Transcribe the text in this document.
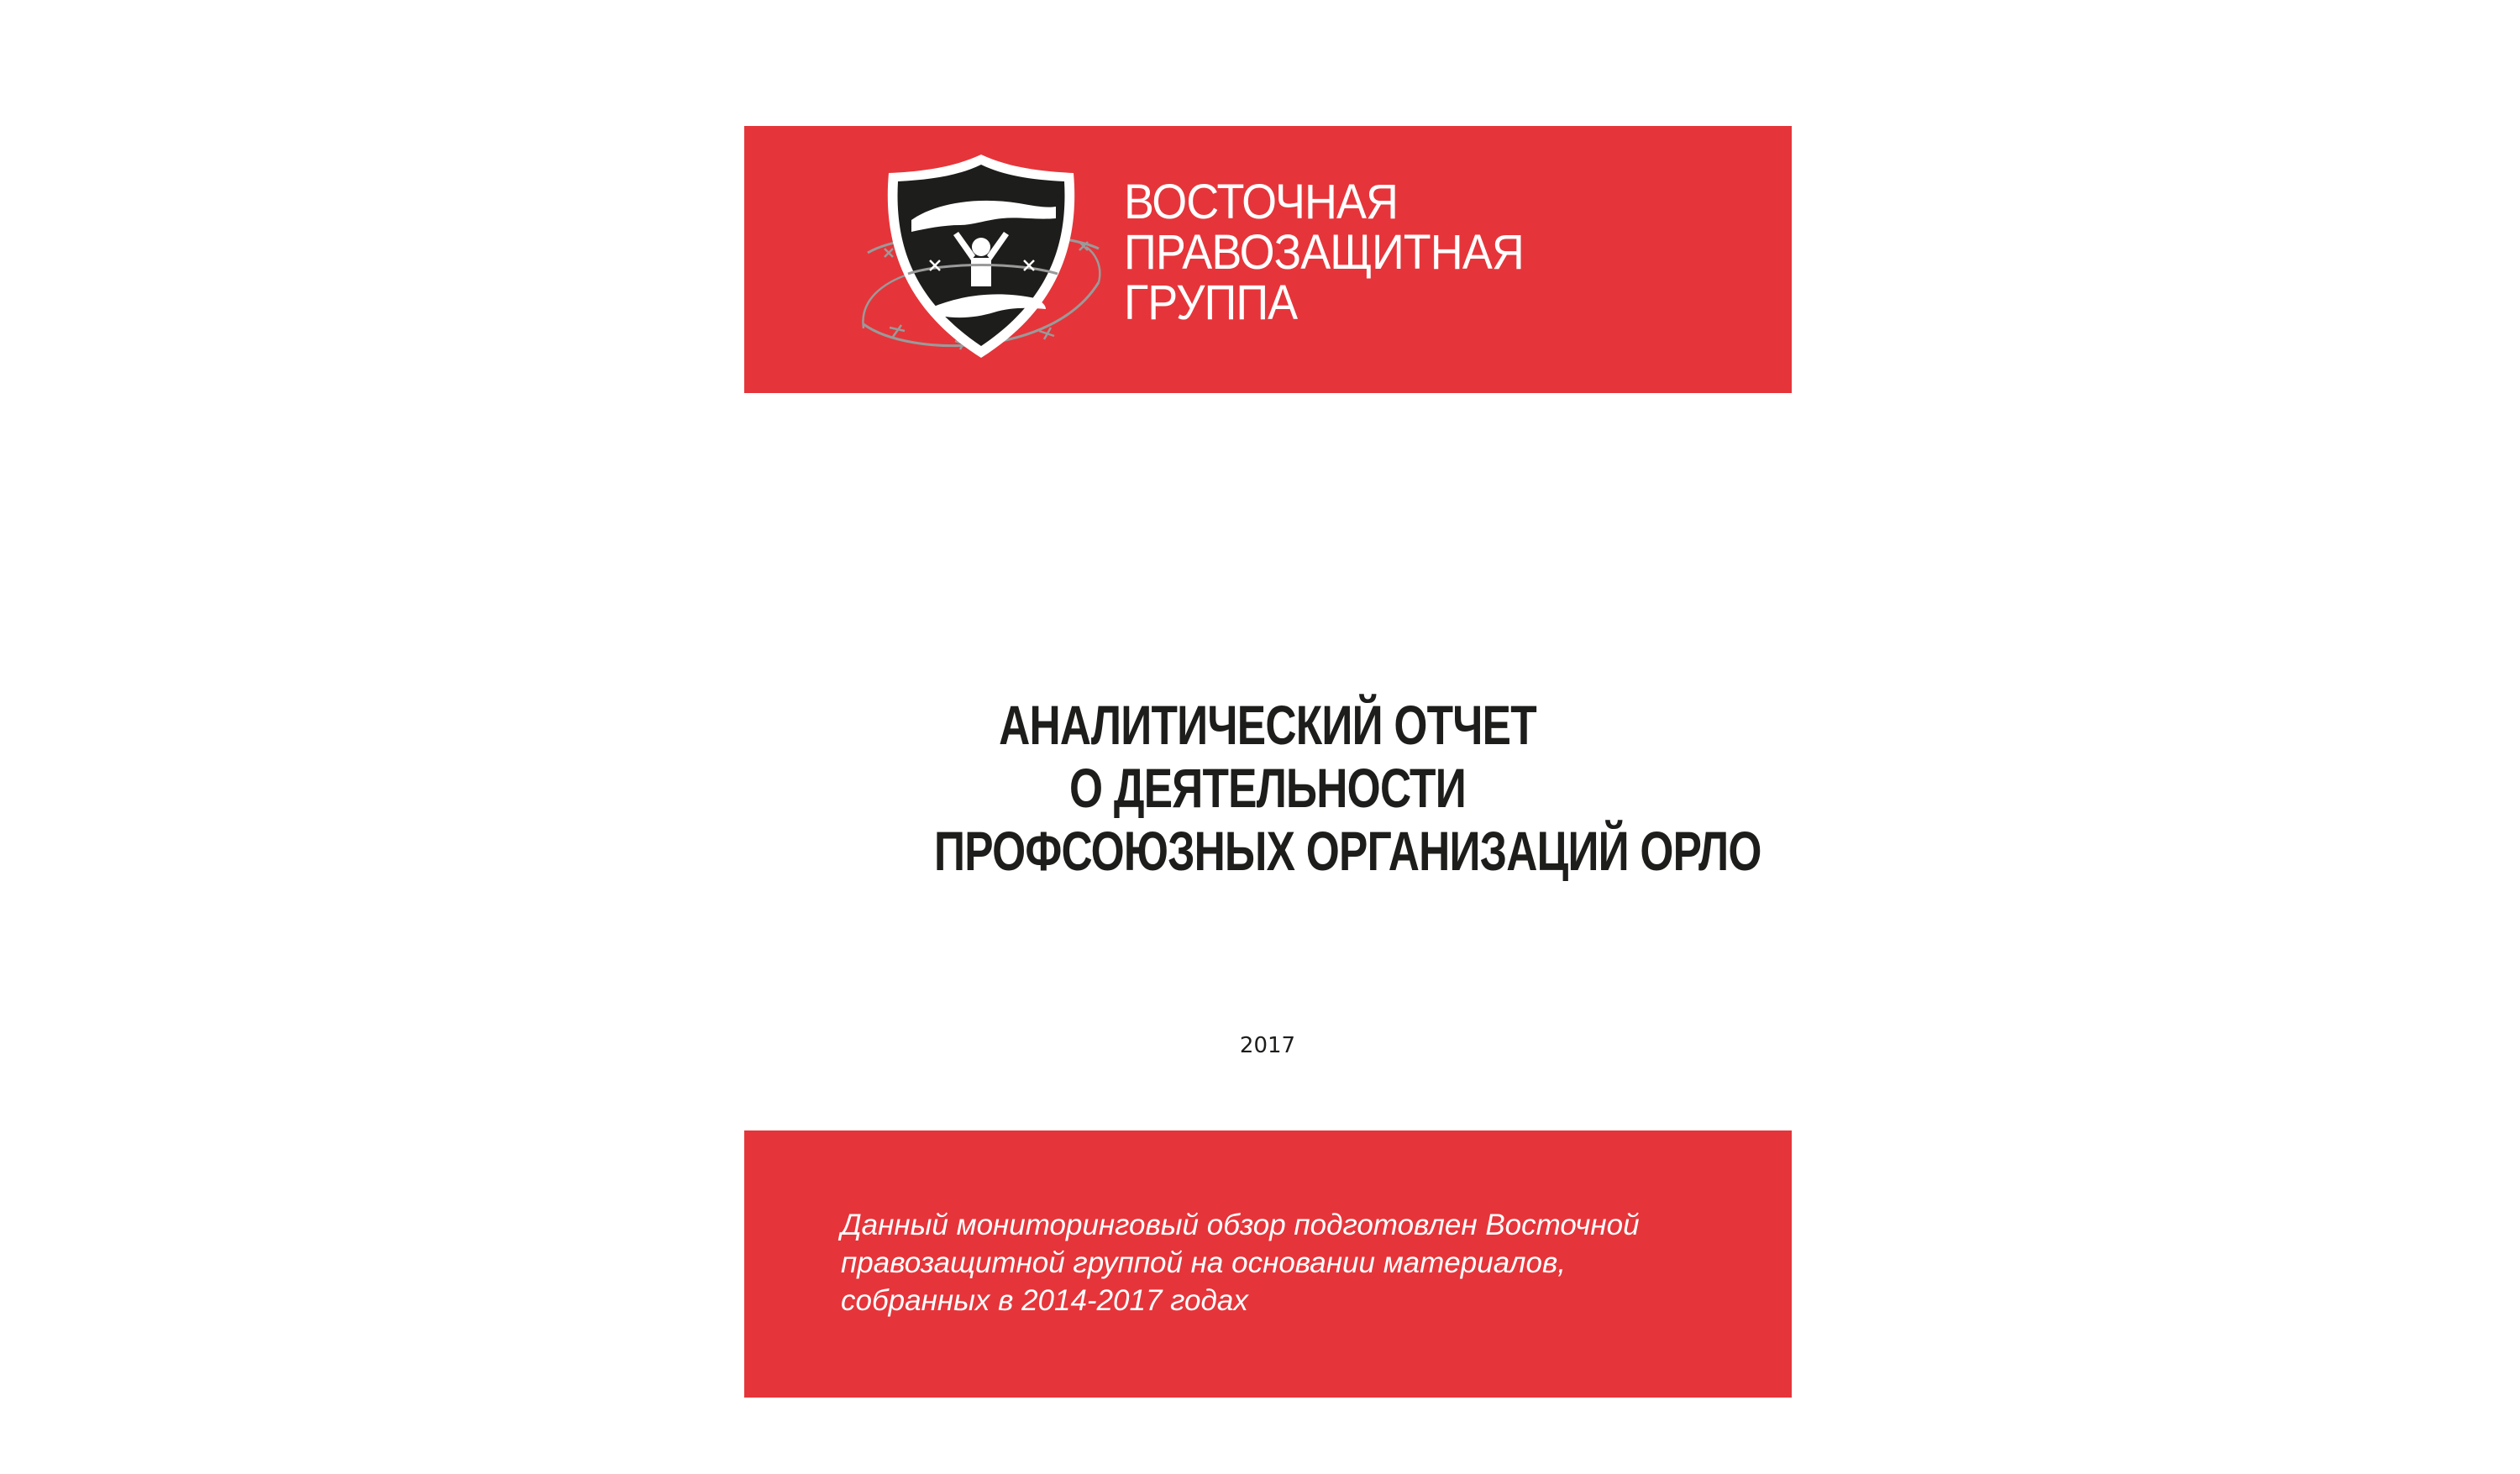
ВОСТОЧНАЯ
ПРАВОЗАЩИТНАЯ
ГРУППА
АНАЛИТИЧЕСКИЙ ОТЧЕТ
О ДЕЯТЕЛЬНОСТИ
ПРОФСОЮЗНЫХ ОРГАНИЗАЦИЙ ОРЛО
2017
Данный мониторинговый обзор подготовлен Восточной
правозащитной группой на основании материалов,
собранных в 2014-2017 годах
